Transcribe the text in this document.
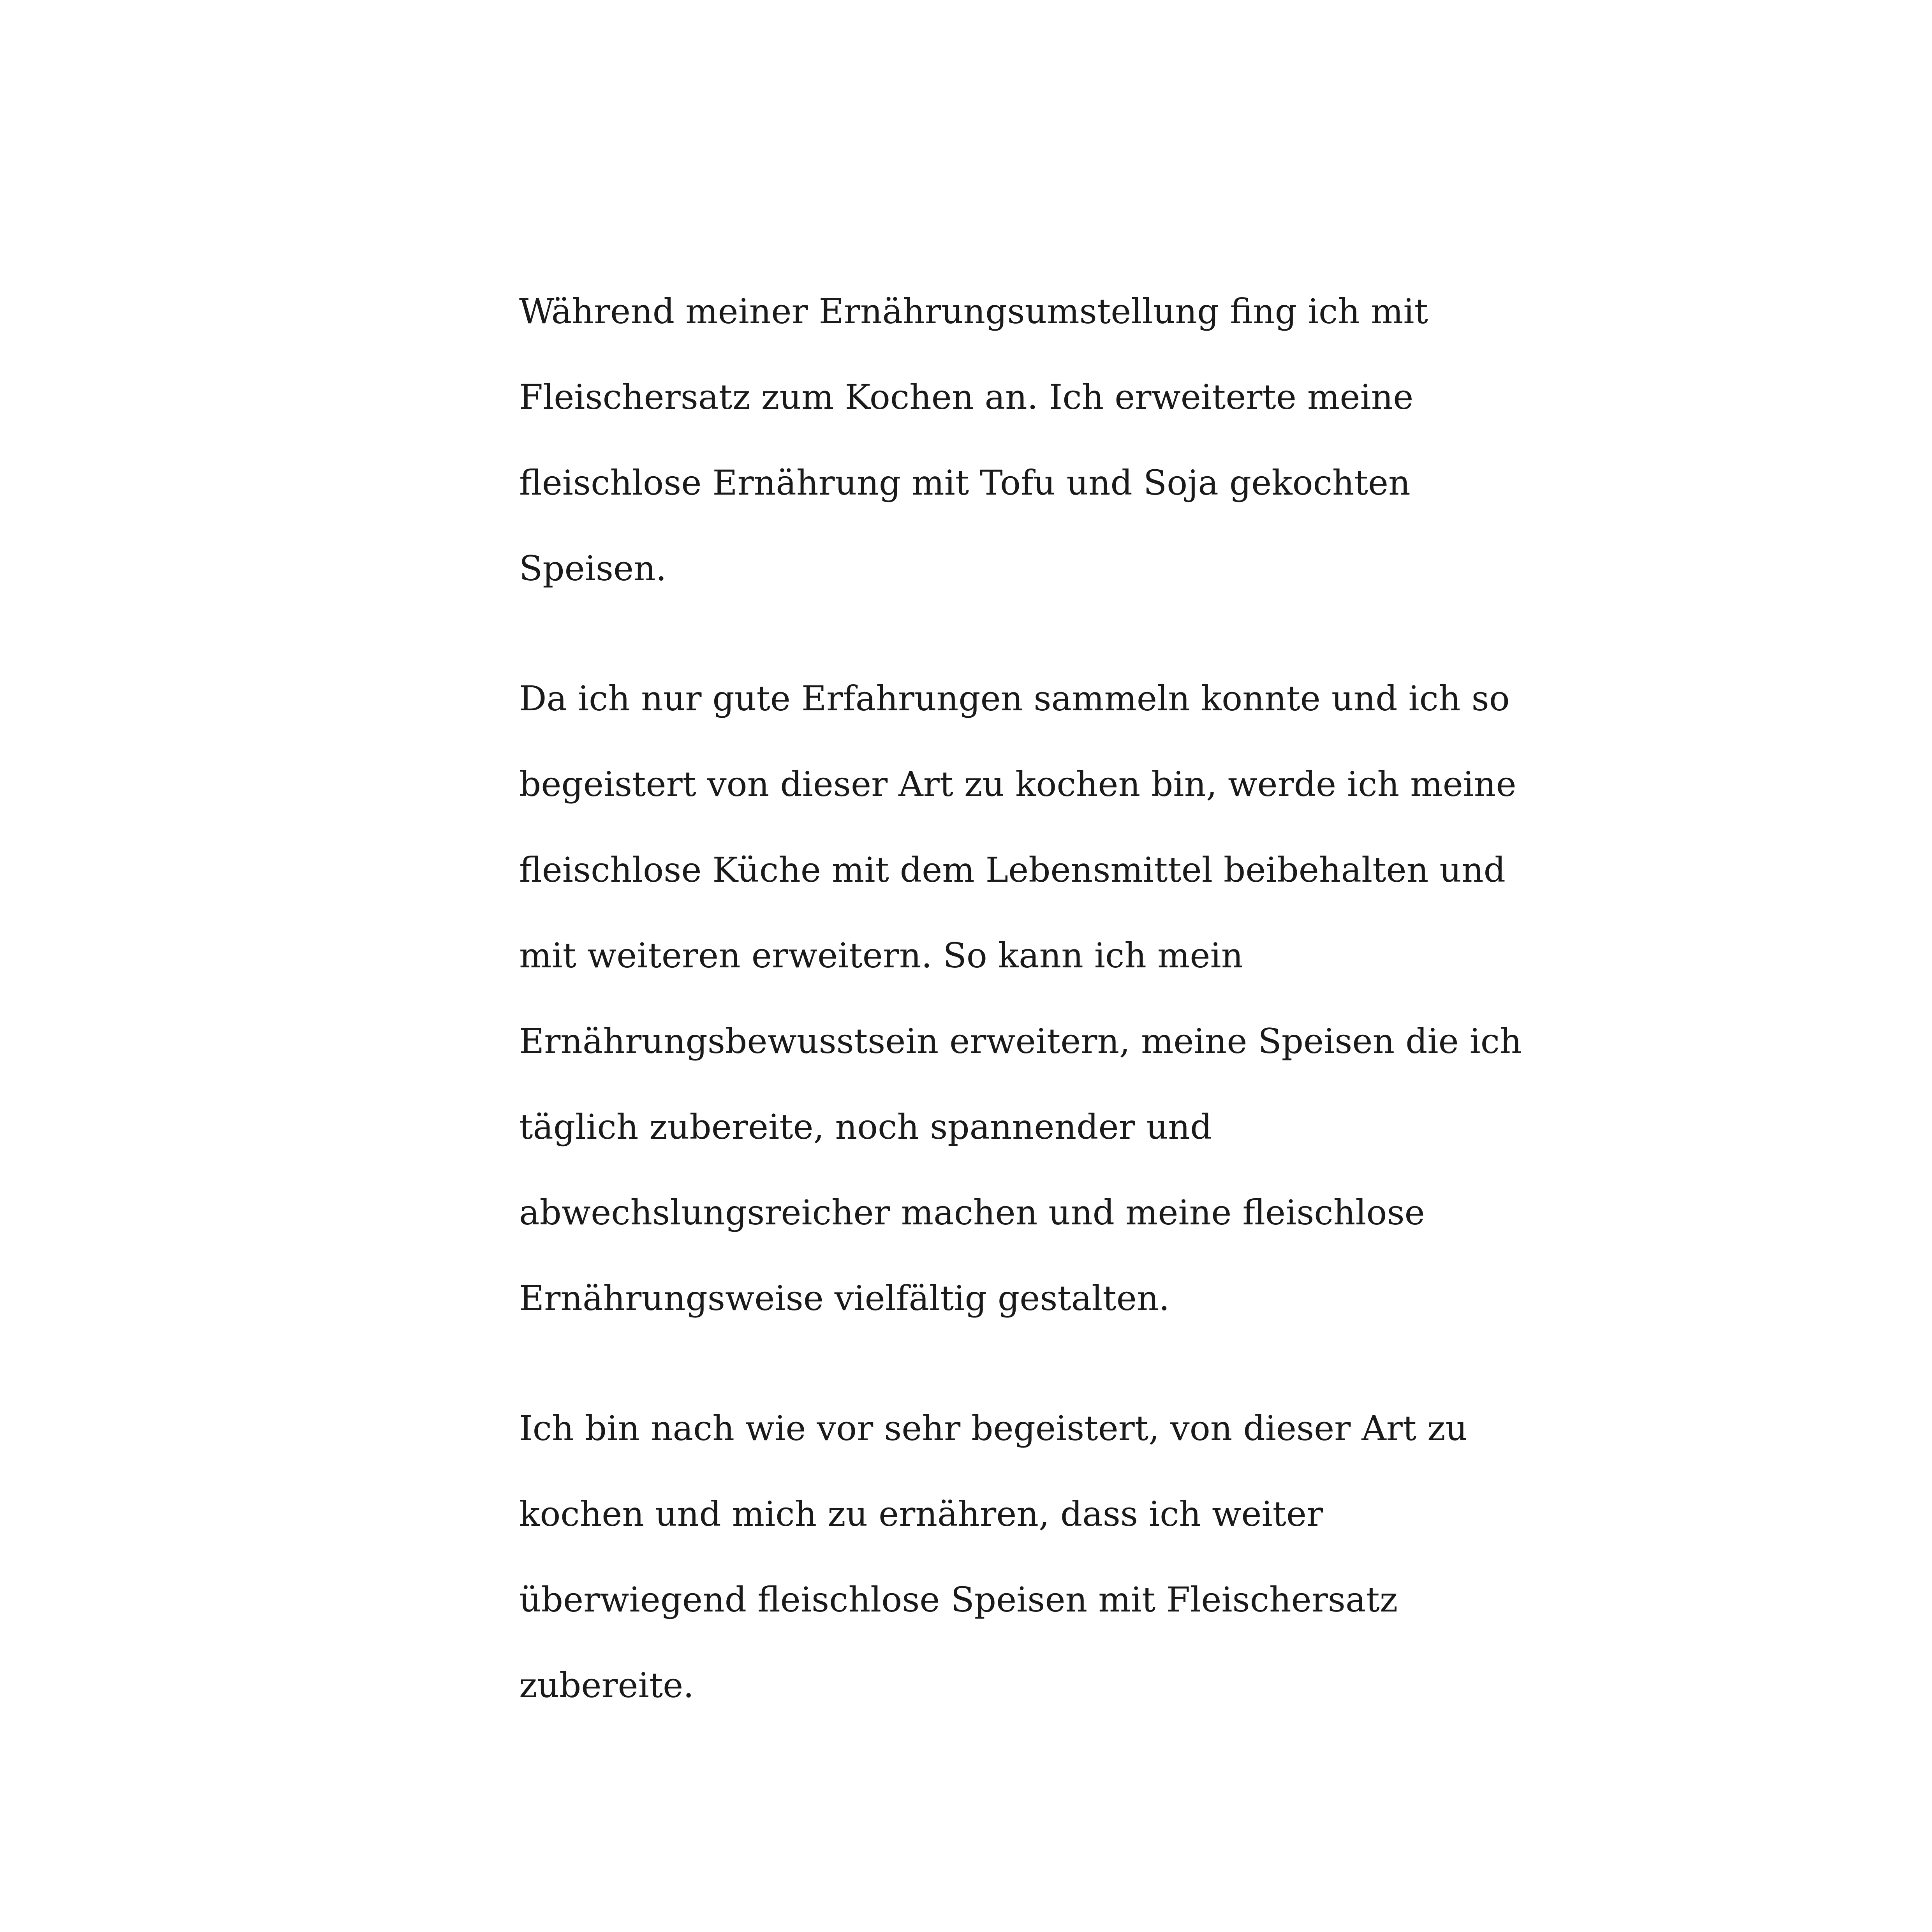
Während meiner Ernährungsumstellung fing ich mit
Fleischersatz zum Kochen an. Ich erweiterte meine
fleischlose Ernährung mit Tofu und Soja gekochten
Speisen.

Da ich nur gute Erfahrungen sammeln konnte und ich so
begeistert von dieser Art zu kochen bin, werde ich meine
fleischlose Küche mit dem Lebensmittel beibehalten und
mit weiteren erweitern. So kann ich mein
Ernährungsbewusstsein erweitern, meine Speisen die ich
täglich zubereite, noch spannender und
abwechslungsreicher machen und meine fleischlose
Ernährungsweise vielfältig gestalten.

Ich bin nach wie vor sehr begeistert, von dieser Art zu
kochen und mich zu ernähren, dass ich weiter
überwiegend fleischlose Speisen mit Fleischersatz
zubereite.
